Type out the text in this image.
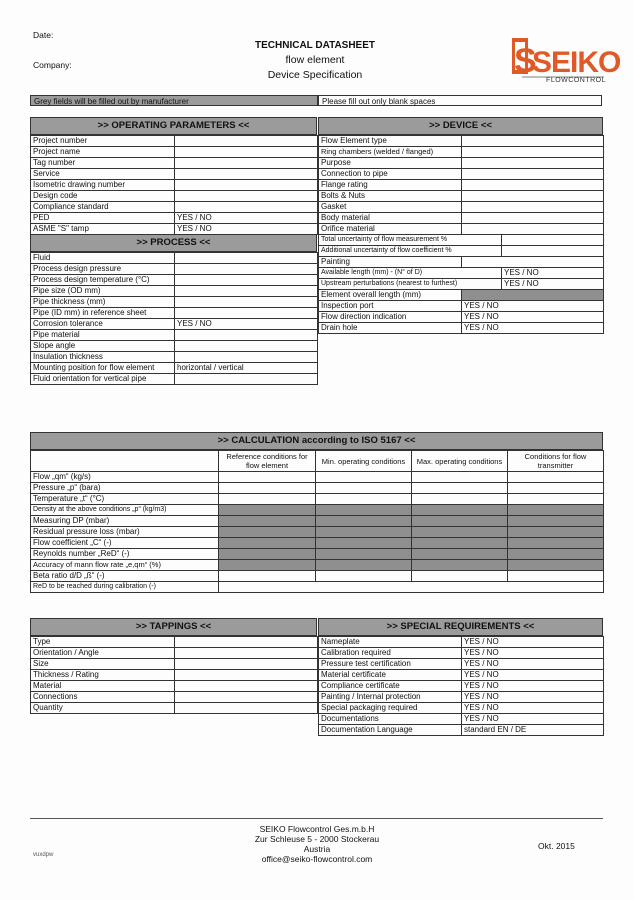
Date:
Company:
TECHNICAL DATASHEET
flow element
Device Specification	S
SEIKO
FLOWCONTROL
Grey fields will be filled out by manufacturer	Please fill out only blank spaces
>> OPERATING PARAMETERS <<
Project number	
Project name	
Tag number	
Service	
Isometric drawing number	
Design code	
Compliance standard	
PED	YES / NO
ASME "S" tamp	YES / NO
>> PROCESS <<
Fluid	
Process design pressure	
Process design temperature (°C)	
Pipe size (OD mm)	
Pipe thickness (mm)	
Pipe (ID mm) in reference sheet	
Corrosion tolerance	YES / NO
Pipe material	
Slope angle	
Insulation thickness	
Mounting position for flow element	horizontal / vertical
Fluid orientation for vertical pipe	
>> DEVICE <<
Flow Element type		
Ring chambers (welded / flanged)		
Purpose		
Connection to pipe		
Flange rating		
Bolts & Nuts		
Gasket		
Body material		
Orifice material		
Total uncertainty of flow measurement %		
Additional uncertainty of flow coefficient %		
Painting		
Available length (mm) - (N° of D)		YES / NO
Upstream perturbations (nearest to furthest)		YES / NO
Element overall length (mm)		
Inspection port	YES / NO	
Flow direction indication	YES / NO	
Drain hole	YES / NO	
>> CALCULATION according to ISO 5167 <<
	Reference conditions for flow element	Min. operating conditions	Max. operating conditions	Conditions for flow transmitter
Flow „qm“ (kg/s)				
Pressure „p“ (bara)				
Temperature „t“ (°C)				
Density at the above conditions „p“ (kg/m3)				
Measuring DP (mbar)				
Residual pressure loss (mbar)				
Flow coefficient „C“ (-)				
Reynolds number „ReD“ (-)				
Accuracy of mann flow rate „e,qm“ (%)				
Beta ratio d/D „ß“ (-)				
ReD to be reached during calibration (-)				
>> TAPPINGS <<
Type	
Orientation / Angle	
Size	
Thickness / Rating	
Material	
Connections	
Quantity	
>> SPECIAL REQUIREMENTS <<
Nameplate	YES / NO
Calibration required	YES / NO
Pressure test certification	YES / NO
Material certificate	YES / NO
Compliance certificate	YES / NO
Painting / Internal protection	YES / NO
Special packaging required	YES / NO
Documentations	YES / NO
Documentation Language	standard EN / DE
SEIKO Flowcontrol Ges.m.b.H
Zur Schleuse 5 - 2000 Stockerau
Austria
office@seiko-flowcontrol.com
Okt. 2015
vuxdpw
